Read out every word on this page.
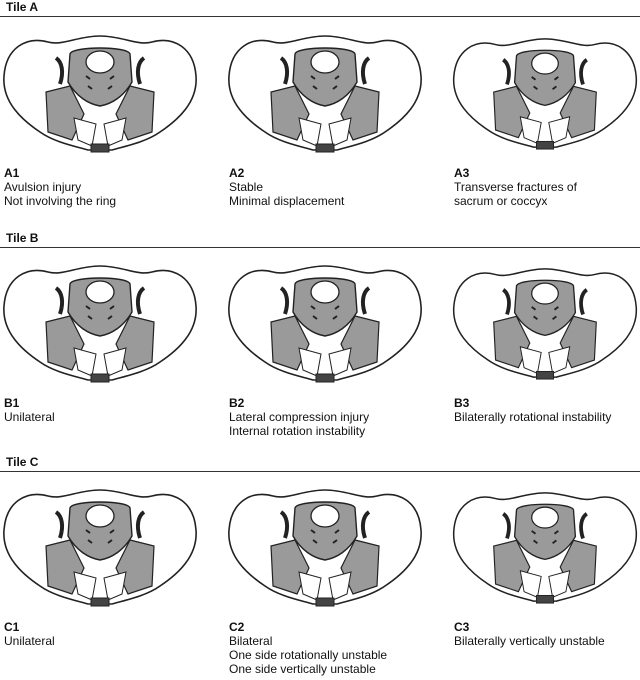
Tile A
Tile B
Tile C
A1
Avulsion injury
Not involving the ring
A2
Stable
Minimal displacement
A3
Transverse fractures of
sacrum or coccyx
B1
Unilateral
B2
Lateral compression injury
Internal rotation instability
B3
Bilaterally rotational instability
C1
Unilateral
C2
Bilateral
One side rotationally unstable
One side vertically unstable
C3
Bilaterally vertically unstable
